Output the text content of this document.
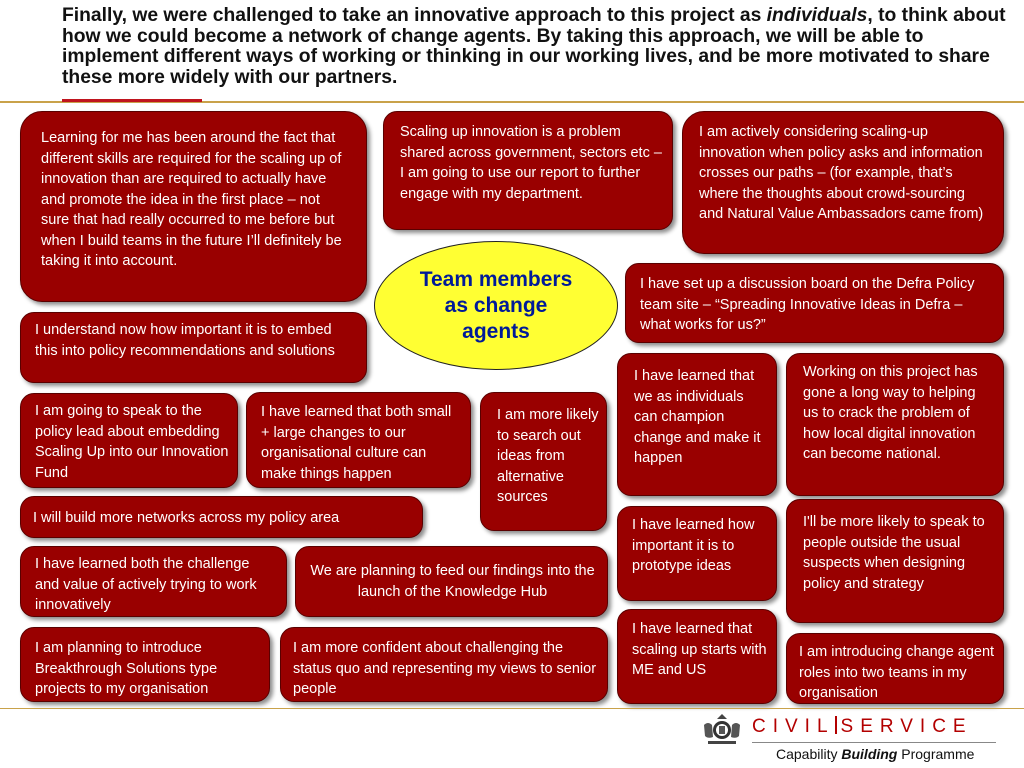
Finally, we were challenged to take an innovative approach to this project as individuals, to think about how we could become a network of change agents. By taking this approach, we will be able to implement different ways of working or thinking in our working lives, and be more motivated to share these more widely with our partners.
Team members as change agents
Learning for me has been around the fact that different skills are required for the scaling up of innovation than are required to actually have and promote the idea in the first place – not sure that had really occurred to me before but when I build teams in the future I’ll definitely be taking it into account.
I understand now how important it is to embed this into policy recommendations and solutions
I am going to speak to the policy lead about embedding Scaling Up into our Innovation Fund
I will build more networks across my policy area
I have learned both the challenge and value of actively trying to work innovatively
I am planning to introduce Breakthrough Solutions type projects to my organisation
Scaling up innovation is a problem shared across government, sectors etc – I am going to use our report to further engage with my department.
I have learned that both small + large changes to our organisational culture can make things happen
I am more likely to search out ideas from alternative sources
We are planning to feed our findings into the launch of the Knowledge Hub
I am more confident about challenging the status quo and representing my views to senior people
I have learned that we as individuals can champion change and make it happen
I have learned how important it is to prototype ideas
I have learned that scaling up starts with ME and US
I am actively considering scaling-up innovation when policy asks and information crosses our paths – (for example, that’s where the thoughts about crowd-sourcing and Natural Value Ambassadors came from)
I have set up a discussion board on the Defra Policy team site – “Spreading Innovative Ideas in Defra – what works for us?”
Working on this project has gone a long way to helping us to crack the problem of how local digital innovation can become national.
I'll be more likely to speak to people outside the usual suspects when designing policy and strategy
I am introducing change agent roles into two teams in my organisation
CIVIL SERVICE
Capability Building Programme
